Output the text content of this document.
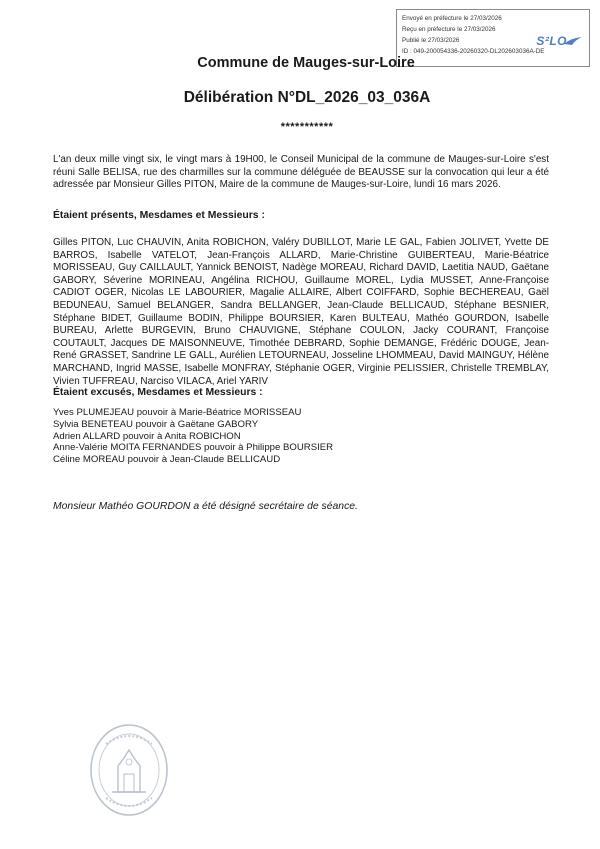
Envoyé en préfecture le 27/03/2026
Reçu en préfecture le 27/03/2026
Publié le 27/03/2026
ID : 049-200054336-20260320-DL202603036A-DE
S²LO
Commune de Mauges-sur-Loire
Délibération N°DL_2026_03_036A
***********
L'an deux mille vingt six, le vingt mars à 19H00, le Conseil Municipal de la commune de Mauges-sur-Loire s'est réuni Salle BELISA, rue des charmilles sur la commune déléguée de BEAUSSE sur la convocation qui leur a été adressée par Monsieur Gilles PITON, Maire de la commune de Mauges-sur-Loire, lundi 16 mars 2026.
Étaient présents, Mesdames et Messieurs :
Gilles PITON, Luc CHAUVIN, Anita ROBICHON, Valéry DUBILLOT, Marie LE GAL, Fabien JOLIVET, Yvette DE BARROS, Isabelle VATELOT, Jean-François ALLARD, Marie-Christine GUIBERTEAU, Marie-Béatrice MORISSEAU, Guy CAILLAULT, Yannick BENOIST, Nadège MOREAU, Richard DAVID, Laetitia NAUD, Gaëtane GABORY, Séverine MORINEAU, Angélina RICHOU, Guillaume MOREL, Lydia MUSSET, Anne-Françoise CADIOT OGER, Nicolas LE LABOURIER, Magalie ALLAIRE, Albert COIFFARD, Sophie BECHEREAU, Gaël BEDUNEAU, Samuel BELANGER, Sandra BELLANGER, Jean-Claude BELLICAUD, Stéphane BESNIER, Stéphane BIDET, Guillaume BODIN, Philippe BOURSIER, Karen BULTEAU, Mathéo GOURDON, Isabelle BUREAU, Arlette BURGEVIN, Bruno CHAUVIGNE, Stéphane COULON, Jacky COURANT, Françoise COUTAULT, Jacques DE MAISONNEUVE, Timothée DEBRARD, Sophie DEMANGE, Frédéric DOUGE, Jean-René GRASSET, Sandrine LE GALL, Aurélien LETOURNEAU, Josseline LHOMMEAU, David MAINGUY, Hélène MARCHAND, Ingrid MASSE, Isabelle MONFRAY, Stéphanie OGER, Virginie PELISSIER, Christelle TREMBLAY, Vivien TUFFREAU, Narciso VILACA, Ariel YARIV
Étaient excusés, Mesdames et Messieurs :
Yves PLUMEJEAU pouvoir à Marie-Béatrice MORISSEAU
Sylvia BENETEAU pouvoir à Gaëtane GABORY
Adrien ALLARD pouvoir à Anita ROBICHON
Anne-Valérie MOITA FERNANDES pouvoir à Philippe BOURSIER
Céline MOREAU pouvoir à Jean-Claude BELLICAUD
Monsieur Mathéo GOURDON a été désigné secrétaire de séance.
